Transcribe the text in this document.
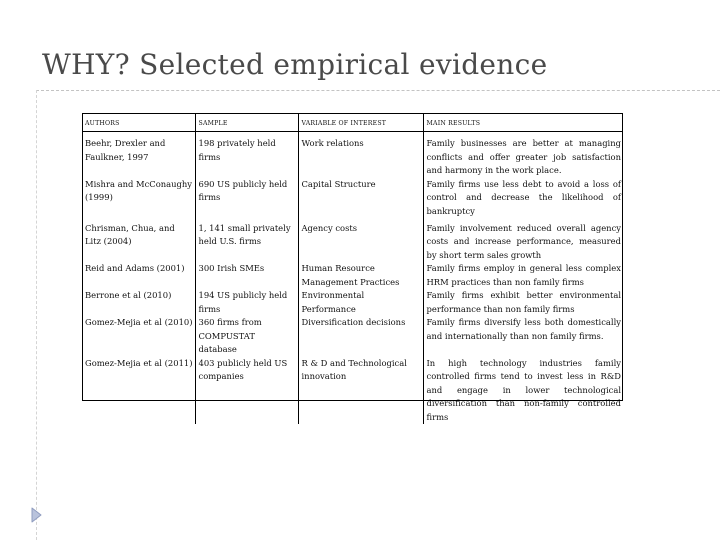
WHY? Selected empirical evidence
AUTHORS	SAMPLE	VARIABLE OF INTEREST	MAIN RESULTS
Beehr, Drexler and Faulkner, 1997	198 privately held firms	Work relations	Family businesses are better at managing conflicts and offer greater job satisfaction and harmony in the work place.
Mishra and McConaughy (1999)	690 US publicly held firms	Capital Structure	Family firms use less debt to avoid a loss of control and decrease the likelihood of bankruptcy
Chrisman, Chua, and Litz (2004)	1, 141 small privately held U.S. firms	Agency costs	Family involvement reduced overall agency costs and increase performance, measured by short term sales growth
Reid and Adams (2001)	300 Irish SMEs	Human Resource Management Practices	Family firms employ in general less complex HRM practices than non family firms
Berrone et al (2010)	194 US publicly held firms	Environmental Performance	Family firms exhibit better environmental performance than non family firms
Gomez-Mejia et al (2010)	360 firms from COMPUSTAT database	Diversification decisions	Family firms diversify less both domestically and internationally than non family firms.
Gomez-Mejia et al (2011)	403 publicly held US companies	R & D and Technological innovation	In high technology industries family controlled firms tend to invest less in R&D and engage in lower technological diversification than non-family controlled firms
